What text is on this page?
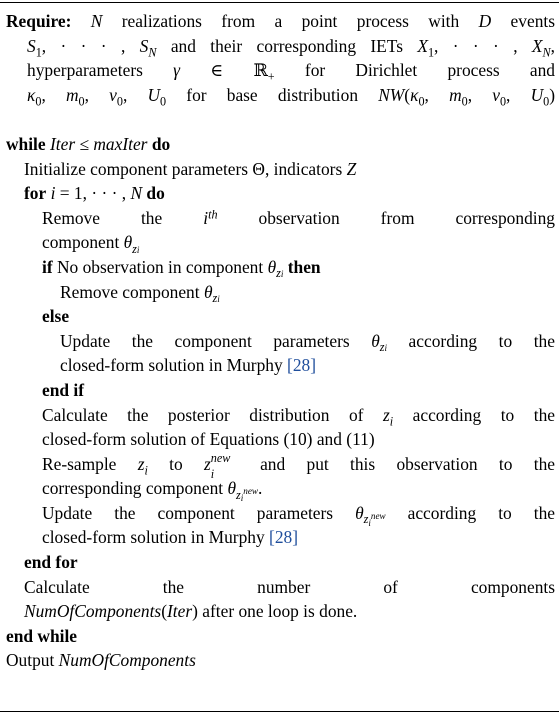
Require: N realizations from a point process with D events
$S_1$, · · · , $S_N$ and their corresponding IETs $X_1$, · · · , $X_N$,
hyperparameters γ ∈ ℝ$_+$ for Dirichlet process and
$\kappa_0$, $m_0$, $\nu_0$, $U_0$ for base distribution $NW(\kappa_0$, $m_0$, $\nu_0$, $U_0$)
while Iter ≤ maxIter do
Initialize component parameters Θ, indicators Z
for i = 1, · · · , N do
Remove the $i^{th}$ observation from corresponding
component $\theta_{zi}$
if No observation in component $\theta_{zi}$ then
Remove component $\theta_{zi}$
else
Update the component parameters $\theta_{zi}$ according to the
closed-form solution in Murphy [28]
end if
Calculate the posterior distribution of $z_i$ according to the
closed-form solution of Equations (10) and (11)
Re-sample $z_i$ to z new
i
and put this observation to the
corresponding component $\theta_{zinew}$.
Update the component parameters $\theta_{zinew}$ according to the
closed-form solution in Murphy [28]
end for
Calculate the number of components
NumOfComponents(Iter) after one loop is done.
end while
Output NumOfComponents
